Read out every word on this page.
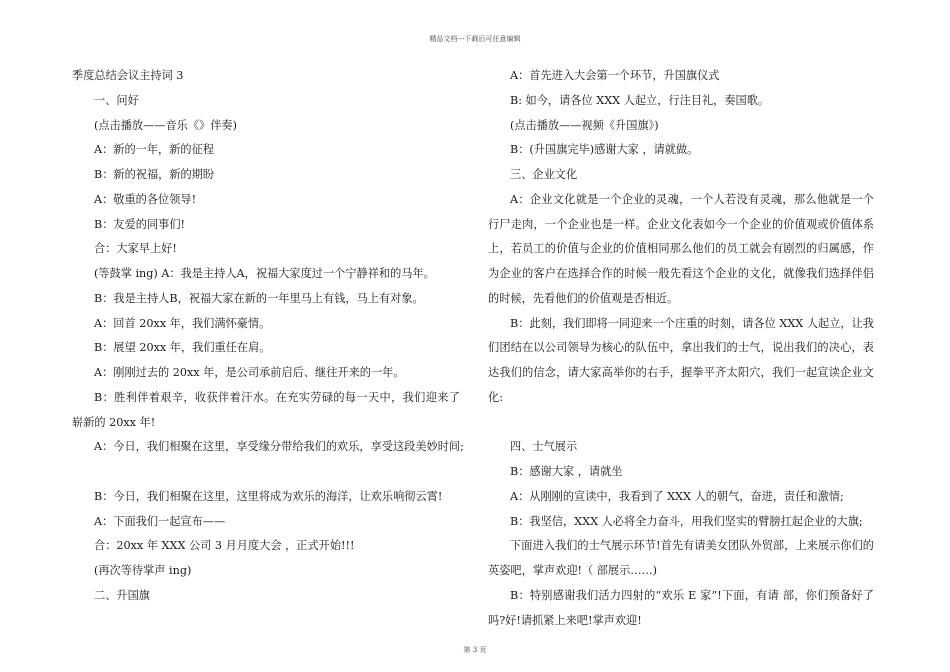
精品文档---下载后可任意编辑

季度总结会议主持词 3

一、问好

(点击播放——音乐《》伴奏)

A：新的一年，新的征程

B：新的祝福，新的期盼

A：敬重的各位领导!

B：友爱的同事们!

合：大家早上好!

(等鼓掌 ing) A：我是主持人A，祝福大家度过一个宁静祥和的马年。

B：我是主持人B，祝福大家在新的一年里马上有钱，马上有对象。

A：回首 20xx 年，我们满怀豪情。

B：展望 20xx 年，我们重任在肩。

A：刚刚过去的 20xx 年，是公司承前启后、继往开来的一年。

B：胜利伴着艰辛，收获伴着汗水。在充实劳碌的每一天中，我们迎来了崭新的 20xx 年!

A：今日，我们相聚在这里，享受缘分带给我们的欢乐，享受这段美妙时间;

B：今日，我们相聚在这里，这里将成为欢乐的海洋，让欢乐响彻云霄!

A：下面我们一起宣布——

合：20xx 年 XXX 公司 3 月月度大会 ，正式开始!!!

(再次等待掌声 ing)

二、升国旗

A：首先进入大会第一个环节，升国旗仪式

B: 如今，请各位 XXX 人起立，行注目礼，奏国歌。

(点击播放——视频《升国旗》)

B：(升国旗完毕)感谢大家 ，请就做。

三、企业文化

A：企业文化就是一个企业的灵魂，一个人若没有灵魂，那么他就是一个行尸走肉，一个企业也是一样。企业文化表如今一个企业的价值观或价值体系上，若员工的价值与企业的价值相同那么他们的员工就会有剧烈的归属感，作为企业的客户在选择合作的时候一般先看这个企业的文化，就像我们选择伴侣的时候，先看他们的价值观是否相近。

B：此刻，我们即将一同迎来一个庄重的时刻，请各位 XXX 人起立，让我们团结在以公司领导为核心的队伍中，拿出我们的士气，说出我们的决心，表达我们的信念，请大家高举你的右手，握拳平齐太阳穴，我们一起宣读企业文化:

四、士气展示

B：感谢大家 ，请就坐

A：从刚刚的宣读中，我看到了 XXX 人的朝气，奋进，责任和激情;

B：我坚信，XXX 人必将全力奋斗，用我们坚实的臂膀扛起企业的大旗;

下面进入我们的士气展示环节!首先有请美女团队外贸部，上来展示你们的英姿吧，掌声欢迎!（ 部展示……)

B：特别感谢我们活力四射的“欢乐 E 家”!下面，有请 部，你们预备好了吗?好!请抓紧上来吧!掌声欢迎!

第 3 页
